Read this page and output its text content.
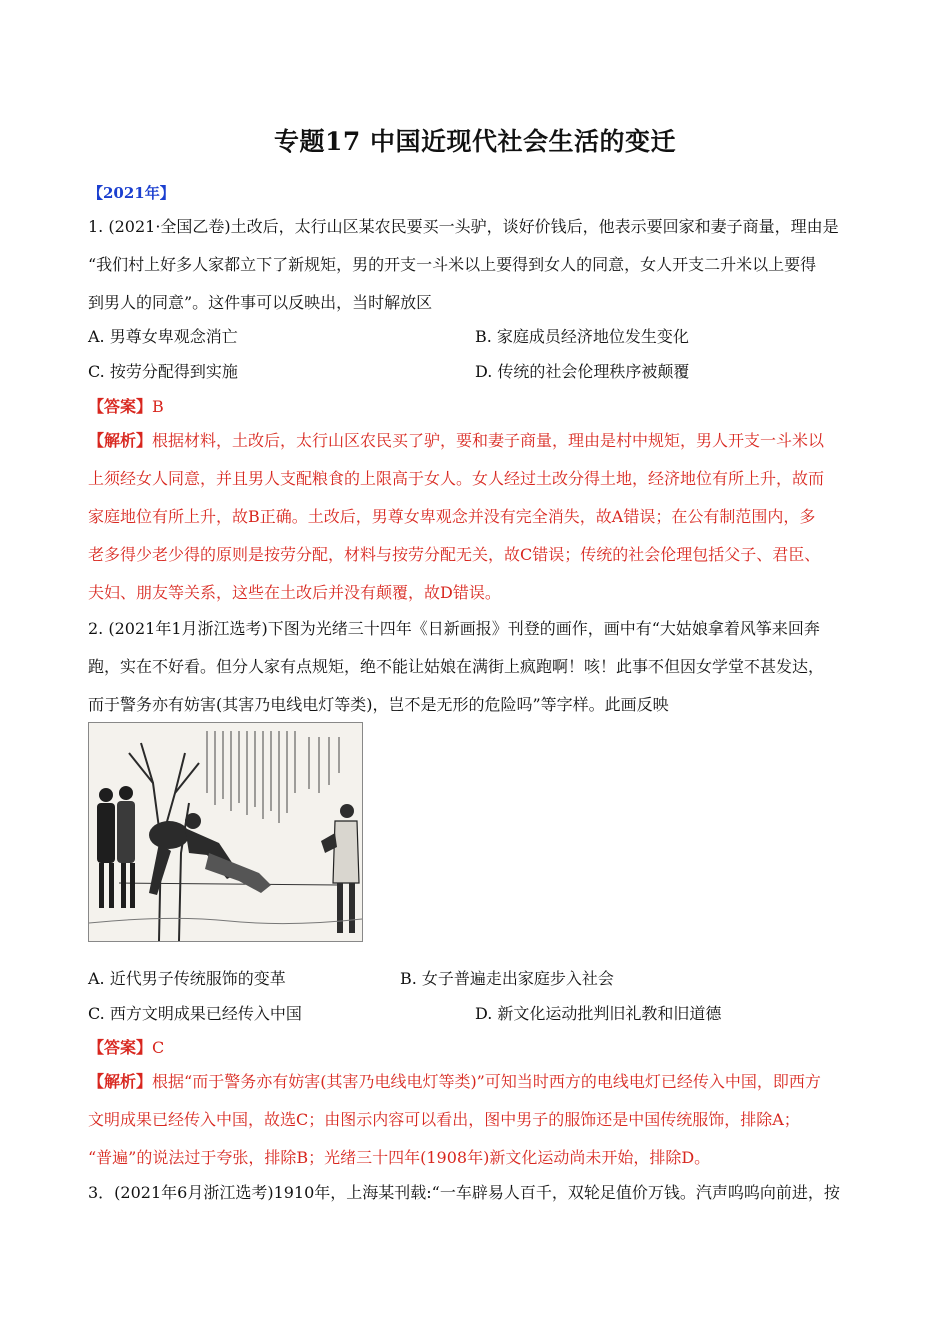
专题17 中国近现代社会生活的变迁
【2021年】
1. (2021·全国乙卷)土改后，太行山区某农民要买一头驴，谈好价钱后，他表示要回家和妻子商量，理由是
“我们村上好多人家都立下了新规矩，男的开支一斗米以上要得到女人的同意，女人开支二升米以上要得
到男人的同意”。这件事可以反映出，当时解放区
A. 男尊女卑观念消亡	B. 家庭成员经济地位发生变化
C. 按劳分配得到实施	D. 传统的社会伦理秩序被颠覆
【答案】B
【解析】根据材料，土改后，太行山区农民买了驴，要和妻子商量，理由是村中规矩，男人开支一斗米以
上须经女人同意，并且男人支配粮食的上限高于女人。女人经过土改分得土地，经济地位有所上升，故而
家庭地位有所上升，故B正确。土改后，男尊女卑观念并没有完全消失，故A错误；在公有制范围内，多
老多得少老少得的原则是按劳分配，材料与按劳分配无关，故C错误；传统的社会伦理包括父子、君臣、
夫妇、朋友等关系，这些在土改后并没有颠覆，故D错误。
2. (2021年1月浙江选考)下图为光绪三十四年《日新画报》刊登的画作，画中有“大姑娘拿着风筝来回奔
跑，实在不好看。但分人家有点规矩，绝不能让姑娘在满街上疯跑啊！咳！此事不但因女学堂不甚发达，
而于警务亦有妨害(其害乃电线电灯等类)，岂不是无形的危险吗”等字样。此画反映
A. 近代男子传统服饰的变革	B. 女子普遍走出家庭步入社会
C. 西方文明成果已经传入中国	D. 新文化运动批判旧礼教和旧道德
【答案】C
【解析】根据“而于警务亦有妨害(其害乃电线电灯等类)”可知当时西方的电线电灯已经传入中国，即西方
文明成果已经传入中国，故选C；由图示内容可以看出，图中男子的服饰还是中国传统服饰，排除A；
“普遍”的说法过于夸张，排除B；光绪三十四年(1908年)新文化运动尚未开始，排除D。
3．(2021年6月浙江选考)1910年，上海某刊载:“一车辟易人百千，双轮足值价万钱。汽声呜呜向前进，按
